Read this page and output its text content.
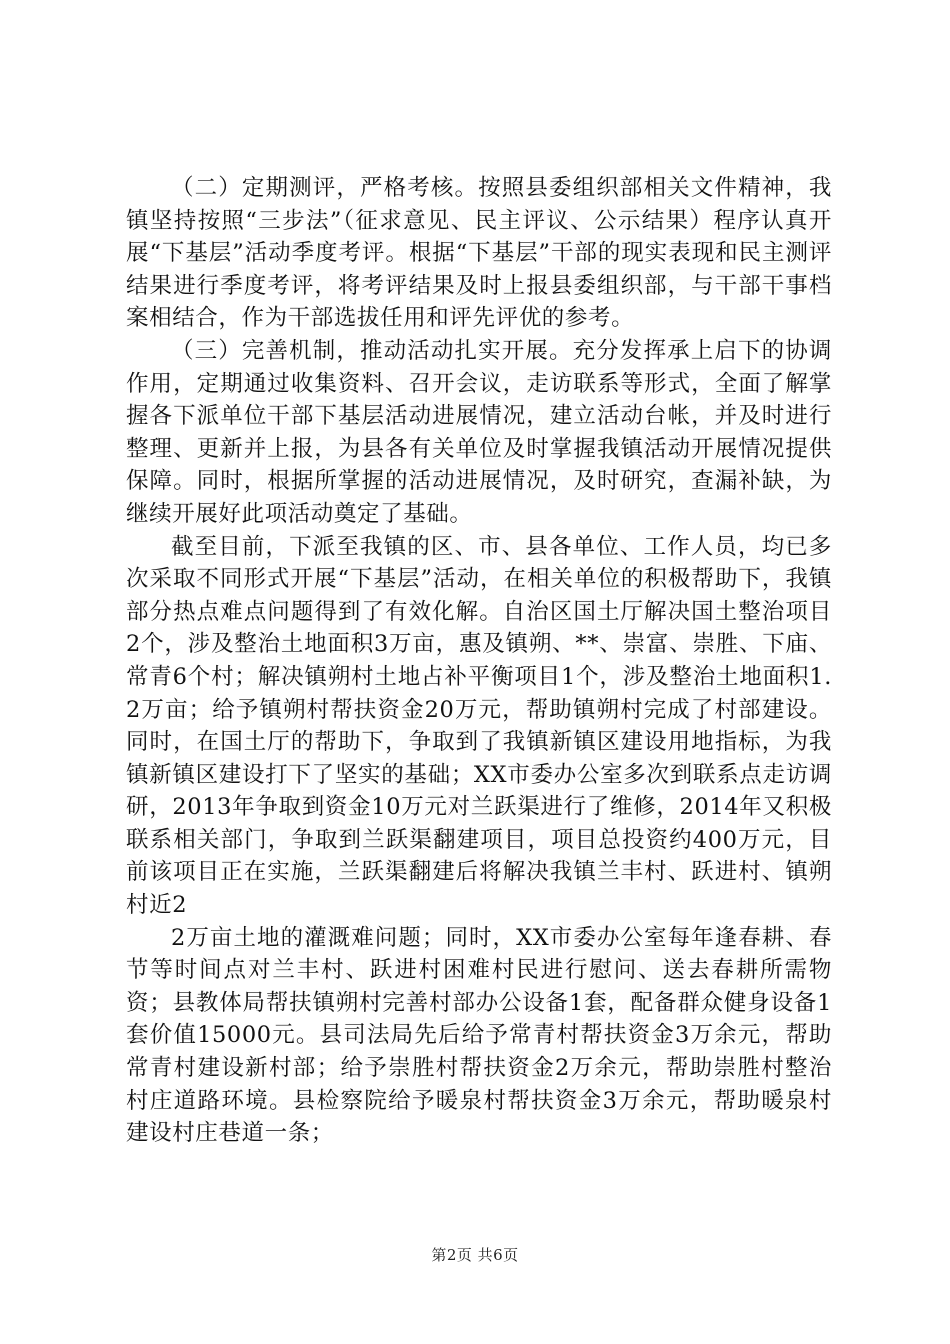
（二）定期测评，严格考核。按照县委组织部相关文件精神，我镇坚持按照“三步法”（征求意见、民主评议、公示结果）程序认真开展“下基层”活动季度考评。根据“下基层”干部的现实表现和民主测评结果进行季度考评，将考评结果及时上报县委组织部，与干部干事档案相结合，作为干部选拔任用和评先评优的参考。

（三）完善机制，推动活动扎实开展。充分发挥承上启下的协调作用，定期通过收集资料、召开会议，走访联系等形式，全面了解掌握各下派单位干部下基层活动进展情况，建立活动台帐，并及时进行整理、更新并上报，为县各有关单位及时掌握我镇活动开展情况提供保障。同时，根据所掌握的活动进展情况，及时研究，查漏补缺，为继续开展好此项活动奠定了基础。

截至目前，下派至我镇的区、市、县各单位、工作人员，均已多次采取不同形式开展“下基层”活动，在相关单位的积极帮助下，我镇部分热点难点问题得到了有效化解。自治区国土厅解决国土整治项目2个，涉及整治土地面积3万亩，惠及镇朔、**、崇富、崇胜、下庙、常青6个村；解决镇朔村土地占补平衡项目1个，涉及整治土地面积1.2万亩；给予镇朔村帮扶资金20万元，帮助镇朔村完成了村部建设。同时，在国土厅的帮助下，争取到了我镇新镇区建设用地指标，为我镇新镇区建设打下了坚实的基础；XX市委办公室多次到联系点走访调研，2013年争取到资金10万元对兰跃渠进行了维修，2014年又积极联系相关部门，争取到兰跃渠翻建项目，项目总投资约400万元，目前该项目正在实施，兰跃渠翻建后将解决我镇兰丰村、跃进村、镇朔村近2

2万亩土地的灌溉难问题；同时，XX市委办公室每年逢春耕、春节等时间点对兰丰村、跃进村困难村民进行慰问、送去春耕所需物资；县教体局帮扶镇朔村完善村部办公设备1套，配备群众健身设备1套价值15000元。县司法局先后给予常青村帮扶资金3万余元，帮助常青村建设新村部；给予崇胜村帮扶资金2万余元，帮助崇胜村整治村庄道路环境。县检察院给予暖泉村帮扶资金3万余元，帮助暖泉村建设村庄巷道一条；

第2页 共6页
